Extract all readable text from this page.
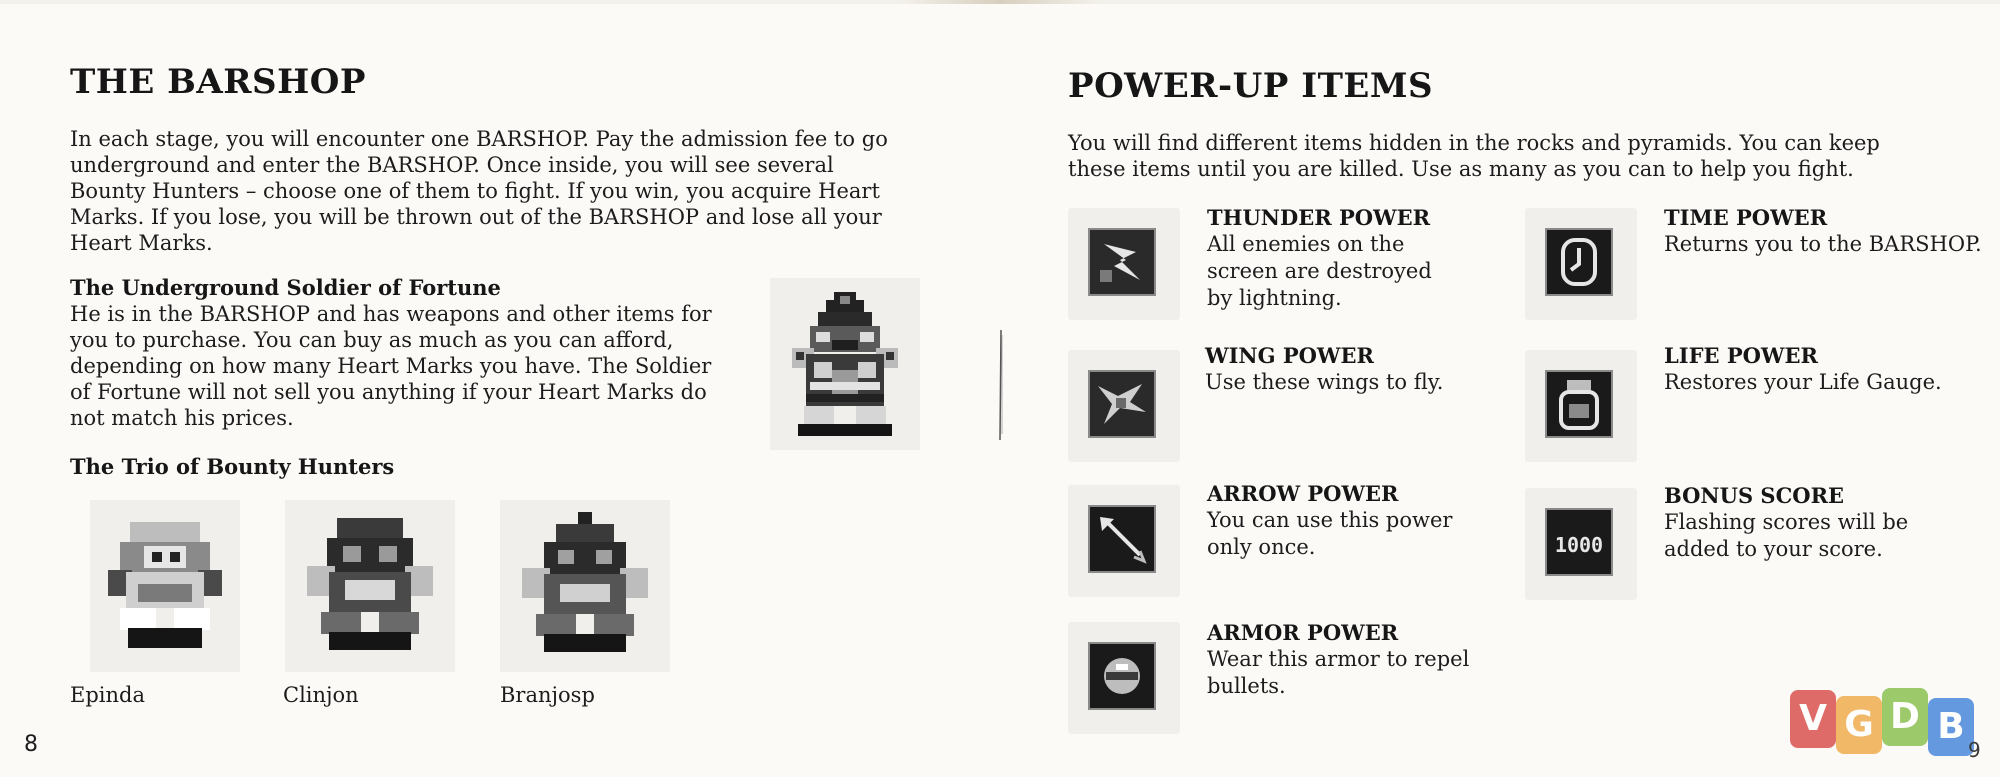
THE BARSHOP

In each stage, you will encounter one BARSHOP. Pay the admission fee to go
underground and enter the BARSHOP. Once inside, you will see several
Bounty Hunters – choose one of them to fight. If you win, you acquire Heart
Marks. If you lose, you will be thrown out of the BARSHOP and lose all your
Heart Marks.

The Underground Soldier of Fortune

He is in the BARSHOP and has weapons and other items for
you to purchase. You can buy as much as you can afford,
depending on how many Heart Marks you have. The Soldier
of Fortune will not sell you anything if your Heart Marks do
not match his prices.

The Trio of Bounty Hunters

Epinda	Clinjon	Branjosp

8

POWER-UP ITEMS

You will find different items hidden in the rocks and pyramids. You can keep
these items until you are killed. Use as many as you can to help you fight.

THUNDER POWER

All enemies on the
screen are destroyed
by lightning.

TIME POWER

Returns you to the BARSHOP.

WING POWER

Use these wings to fly.

LIFE POWER

Restores your Life Gauge.

ARROW POWER

You can use this power
only once.	1000

BONUS SCORE

Flashing scores will be
added to your score.

ARMOR POWER

Wear this armor to repel
bullets.

V G D B

9
